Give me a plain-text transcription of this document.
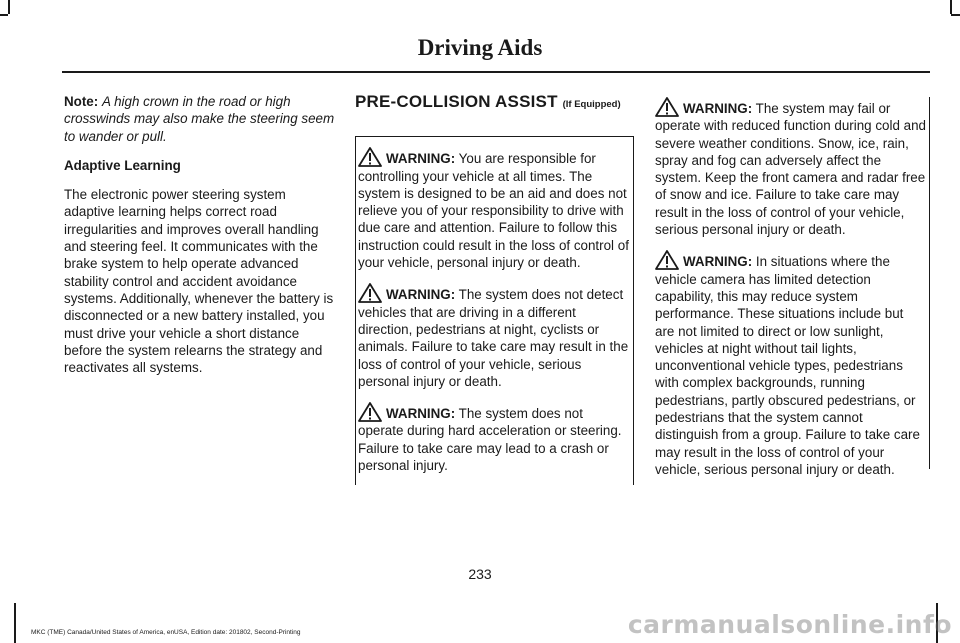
Driving Aids

Note: A high crown in the road or high crosswinds may also make the steering seem to wander or pull.

Adaptive Learning

The electronic power steering system adaptive learning helps correct road irregularities and improves overall handling and steering feel. It communicates with the brake system to help operate advanced stability control and accident avoidance systems. Additionally, whenever the battery is disconnected or a new battery installed, you must drive your vehicle a short distance before the system relearns the strategy and reactivates all systems.

PRE-COLLISION ASSIST (If Equipped)

WARNING: You are responsible for controlling your vehicle at all times. The system is designed to be an aid and does not relieve you of your responsibility to drive with due care and attention. Failure to follow this instruction could result in the loss of control of your vehicle, personal injury or death.

WARNING: The system does not detect vehicles that are driving in a different direction, pedestrians at night, cyclists or animals. Failure to take care may result in the loss of control of your vehicle, serious personal injury or death.

WARNING: The system does not operate during hard acceleration or steering. Failure to take care may lead to a crash or personal injury.

WARNING: The system may fail or operate with reduced function during cold and severe weather conditions. Snow, ice, rain, spray and fog can adversely affect the system. Keep the front camera and radar free of snow and ice. Failure to take care may result in the loss of control of your vehicle, serious personal injury or death.

WARNING: In situations where the vehicle camera has limited detection capability, this may reduce system performance. These situations include but are not limited to direct or low sunlight, vehicles at night without tail lights, unconventional vehicle types, pedestrians with complex backgrounds, running pedestrians, partly obscured pedestrians, or pedestrians that the system cannot distinguish from a group. Failure to take care may result in the loss of control of your vehicle, serious personal injury or death.

233
MKC (TME) Canada/United States of America, enUSA, Edition date: 201802, Second-Printing	carmanualsonline.info
